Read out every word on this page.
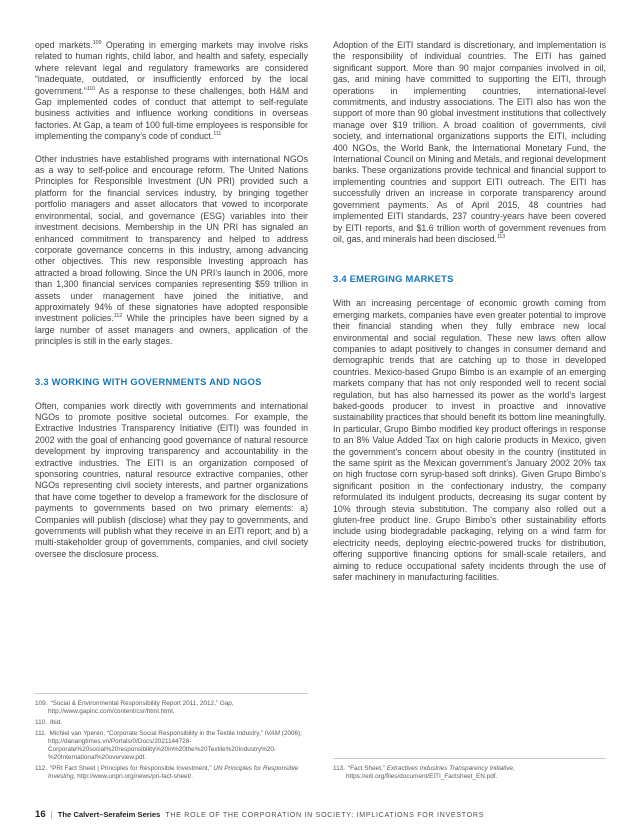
oped markets.$^{109}$ Operating in emerging markets may involve risks related to human rights, child labor, and health and safety, especially where relevant legal and regulatory frameworks are considered “inadequate, outdated, or insufficiently enforced by the local government.”$^{110}$ As a response to these challenges, both H&M and Gap implemented codes of conduct that attempt to self-regulate business activities and influence working conditions in overseas factories. At Gap, a team of 100 full-time employees is responsible for implementing the company’s code of conduct.$^{111}$

Other industries have established programs with international NGOs as a way to self-police and encourage reform. The United Nations Principles for Responsible Investment (UN PRI) provided such a platform for the financial services industry, by bringing together portfolio managers and asset allocators that vowed to incorporate environmental, social, and governance (ESG) variables into their investment decisions. Membership in the UN PRI has signaled an enhanced commitment to transparency and helped to address corporate governance concerns in this industry, among advancing other objectives. This new responsible investing approach has attracted a broad following. Since the UN PRI’s launch in 2006, more than 1,300 financial services companies representing $59 trillion in assets under management have joined the initiative, and approximately 94% of these signatories have adopted responsible investment policies.$^{112}$ While the principles have been signed by a large number of asset managers and owners, application of the principles is still in the early stages.

3.3 WORKING WITH GOVERNMENTS AND NGOS

Often, companies work directly with governments and international NGOs to promote positive societal outcomes. For example, the Extractive Industries Transparency Initiative (EITI) was founded in 2002 with the goal of enhancing good governance of natural resource development by improving transparency and accountability in the extractive industries. The EITI is an organization composed of sponsoring countries, natural resource extractive companies, other NGOs representing civil society interests, and partner organizations that have come together to develop a framework for the disclosure of payments to governments based on two primary elements: a) Companies will publish (disclose) what they pay to governments, and governments will publish what they receive in an EITI report; and b) a multi-stakeholder group of governments, companies, and civil society oversee the disclosure process.

109. “Social & Environmental Responsibility Report 2011, 2012,” Gap, http://www.gapinc.com/content/csr/html.html.
110. Ibid.
111. Michiel van Yperen, “Corporate Social Responsibility in the Textile Industry,” IVAM (2006); http://danangtimes.vn/Portals/0/Docs/2021144728-Corporate%20social%20responsibility%20in%20the%20Textile%20Industry%20-%20International%20overview.pdf.
112. “PRI Fact Sheet | Principles for Responsible Investment,” UN Principles for Responsible Investing, http://www.unpri.org/news/pri-fact-sheet/.

Adoption of the EITI standard is discretionary, and implementation is the responsibility of individual countries. The EITI has gained significant support. More than 90 major companies involved in oil, gas, and mining have committed to supporting the EITI, through operations in implementing countries, international-level commitments, and industry associations. The EITI also has won the support of more than 90 global investment institutions that collectively manage over $19 trillion. A broad coalition of governments, civil society, and international organizations supports the EITI, including 400 NGOs, the World Bank, the International Monetary Fund, the International Council on Mining and Metals, and regional development banks. These organizations provide technical and financial support to implementing countries and support EITI outreach. The EITI has successfully driven an increase in corporate transparency around government payments. As of April 2015, 48 countries had implemented EITI standards, 237 country-years have been covered by EITI reports, and $1.6 trillion worth of government revenues from oil, gas, and minerals had been disclosed.$^{113}$

3.4 EMERGING MARKETS

With an increasing percentage of economic growth coming from emerging markets, companies have even greater potential to improve their financial standing when they fully embrace new local environmental and social regulation. These new laws often allow companies to adapt positively to changes in consumer demand and demographic trends that are catching up to those in developed countries. Mexico-based Grupo Bimbo is an example of an emerging markets company that has not only responded well to recent social regulation, but has also harnessed its power as the world’s largest baked-goods producer to invest in proactive and innovative sustainability practices that should benefit its bottom line meaningfully. In particular, Grupo Bimbo modified key product offerings in response to an 8% Value Added Tax on high calorie products in Mexico, given the government’s concern about obesity in the country (instituted in the same spirit as the Mexican government’s January 2002 20% tax on high fructose corn syrup-based soft drinks). Given Grupo Bimbo’s significant position in the confectionary industry, the company reformulated its indulgent products, decreasing its sugar content by 10% through stevia substitution. The company also rolled out a gluten-free product line. Grupo Bimbo’s other sustainability efforts include using biodegradable packaging, relying on a wind farm for electricity needs, deploying electric-powered trucks for distribution, offering supportive financing options for small-scale retailers, and aiming to reduce occupational safety incidents through the use of safer machinery in manufacturing facilities.

113. “Fact Sheet,” Extractives Industries Transparency Initiative, https://eiti.org/files/document/EITI_Factsheet_EN.pdf.
16 | The Calvert–Serafeim Series THE ROLE OF THE CORPORATION IN SOCIETY: IMPLICATIONS FOR INVESTORS
